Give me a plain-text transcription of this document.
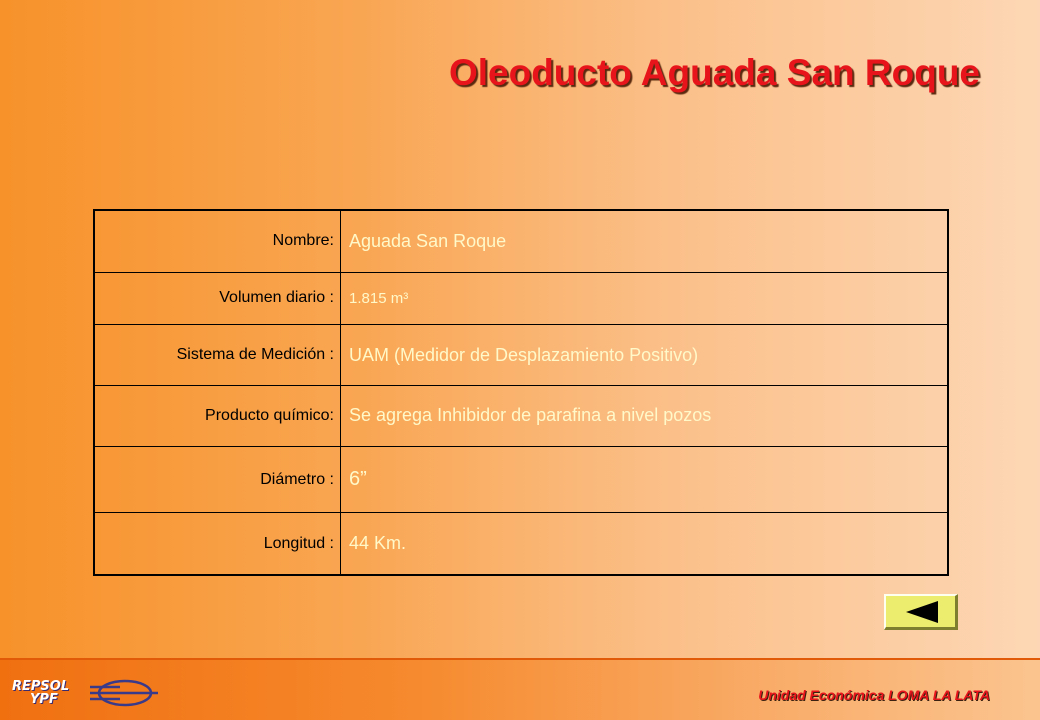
Oleoducto Aguada San Roque
Nombre:	Aguada San Roque
Volumen diario :	1.815 m³
Sistema de Medición :	UAM (Medidor de Desplazamiento Positivo)
Producto químico:	Se agrega Inhibidor de parafina a nivel pozos
Diámetro :	6”
Longitud :	44 Km.
REPSOL
YPF	Unidad Económica LOMA LA LATA
